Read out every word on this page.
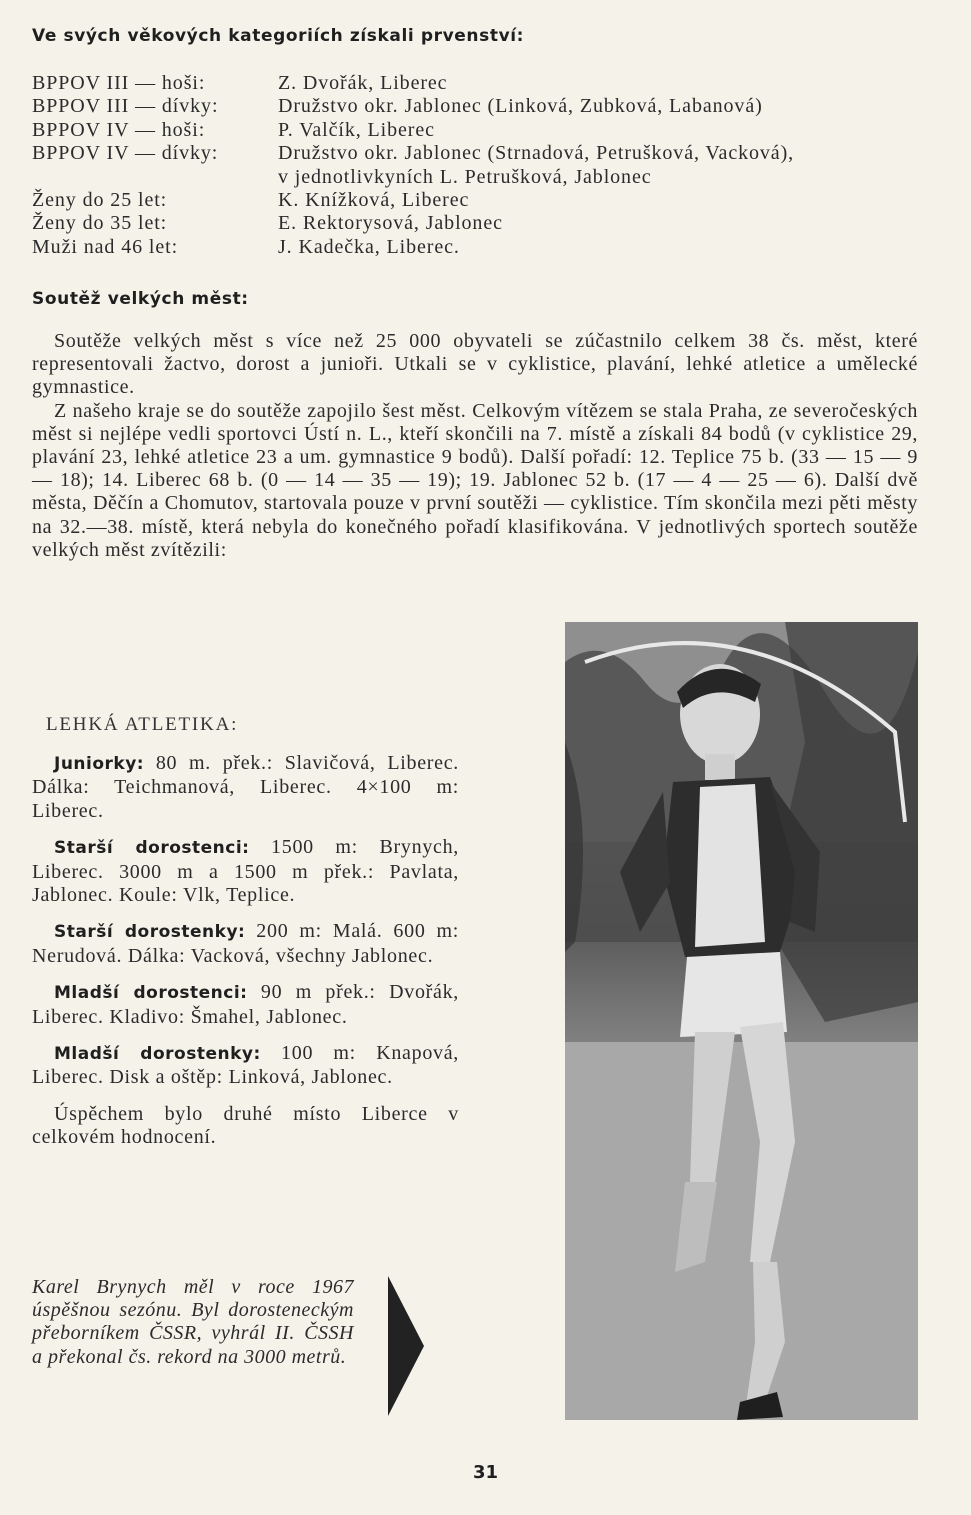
Ve svých věkových kategoriích získali prvenství:
BPPOV III — hoši:	Z. Dvořák, Liberec
BPPOV III — dívky:	Družstvo okr. Jablonec (Linková, Zubková, Labanová)
BPPOV IV — hoši:	P. Valčík, Liberec
BPPOV IV — dívky:	Družstvo okr. Jablonec (Strnadová, Petrušková, Vacková),
v jednotlivkyních L. Petrušková, Jablonec
Ženy do 25 let:	K. Knížková, Liberec
Ženy do 35 let:	E. Rektorysová, Jablonec
Muži nad 46 let:	J. Kadečka, Liberec.
Soutěž velkých měst:

Soutěže velkých měst s více než 25 000 obyvateli se zúčastnilo celkem 38 čs. měst, které representovali žactvo, dorost a junioři. Utkali se v cyklistice, plavání, lehké atletice a umělecké gymnastice.

Z našeho kraje se do soutěže zapojilo šest měst. Celkovým vítězem se stala Praha, ze severočeských měst si nejlépe vedli sportovci Ústí n. L., kteří skončili na 7. místě a získali 84 bodů (v cyklistice 29, plavání 23, lehké atletice 23 a um. gymnastice 9 bodů). Další pořadí: 12. Teplice 75 b. (33 — 15 — 9 — 18); 14. Liberec 68 b. (0 — 14 — 35 — 19); 19. Jablonec 52 b. (17 — 4 — 25 — 6). Další dvě města, Děčín a Chomutov, startovala pouze v první soutěži — cyklistice. Tím skončila mezi pěti městy na 32.—38. místě, která nebyla do konečného pořadí klasifikována. V jednotlivých sportech soutěže velkých měst zvítězili:

LEHKÁ ATLETIKA:

Juniorky: 80 m. přek.: Slavičová, Liberec. Dálka: Teichmanová, Liberec. 4×100 m: Liberec.

Starší dorostenci: 1500 m: Brynych, Liberec. 3000 m a 1500 m přek.: Pavlata, Jablonec. Koule: Vlk, Teplice.

Starší dorostenky: 200 m: Malá. 600 m: Nerudová. Dálka: Vacková, všechny Jablonec.

Mladší dorostenci: 90 m přek.: Dvořák, Liberec. Kladivo: Šmahel, Jablonec.

Mladší dorostenky: 100 m: Knapová, Liberec. Disk a oštěp: Linková, Jablonec.

Úspěchem bylo druhé místo Liberce v celkovém hodnocení.

Karel Brynych měl v roce 1967 úspěšnou sezónu. Byl dorosteneckým přeborníkem ČSSR, vyhrál II. ČSSH a překonal čs. rekord na 3000 metrů.
31
